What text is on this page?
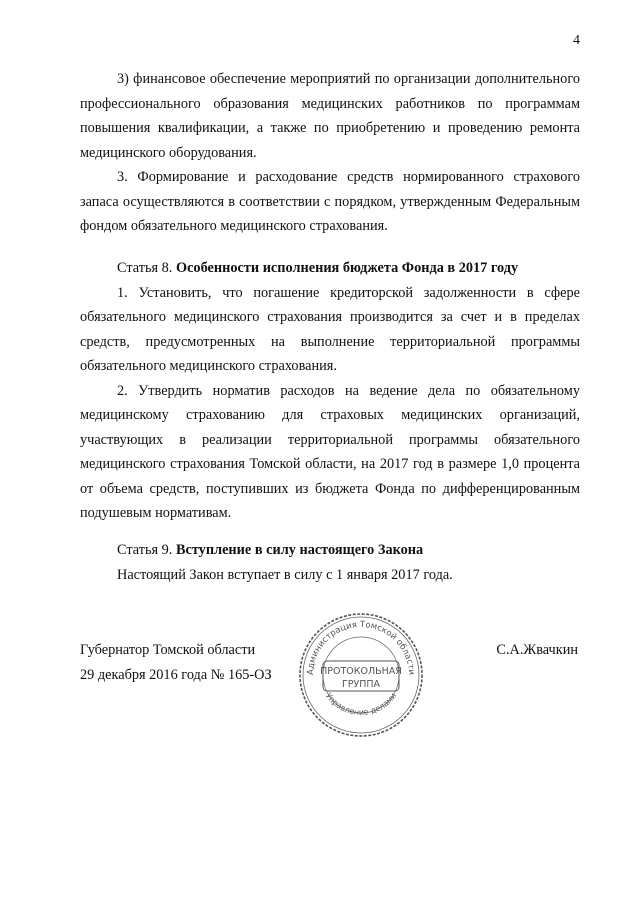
4

3) финансовое обеспечение мероприятий по организации дополнительного профессионального образования медицинских работников по программам повышения квалификации, а также по приобретению и проведению ремонта медицинского оборудования.

3. Формирование и расходование средств нормированного страхового запаса осуществляются в соответствии с порядком, утвержденным Федеральным фондом обязательного медицинского страхования.

Статья 8. Особенности исполнения бюджета Фонда в 2017 году

1. Установить, что погашение кредиторской задолженности в сфере обязательного медицинского страхования производится за счет и в пределах средств, предусмотренных на выполнение территориальной программы обязательного медицинского страхования.

2. Утвердить норматив расходов на ведение дела по обязательному медицинскому страхованию для страховых медицинских организаций, участвующих в реализации территориальной программы обязательного медицинского страхования Томской области, на 2017 год в размере 1,0 процента от объема средств, поступивших из бюджета Фонда по дифференцированным подушевым нормативам.

Статья 9. Вступление в силу настоящего Закона

Настоящий Закон вступает в силу с 1 января 2017 года.

Губернатор Томской области
29 декабря 2016 года № 165-ОЗ
С.А.Жвачкин
Администрация Томской области
Управление делами
ПРОТОКОЛЬНАЯ
ГРУППА
